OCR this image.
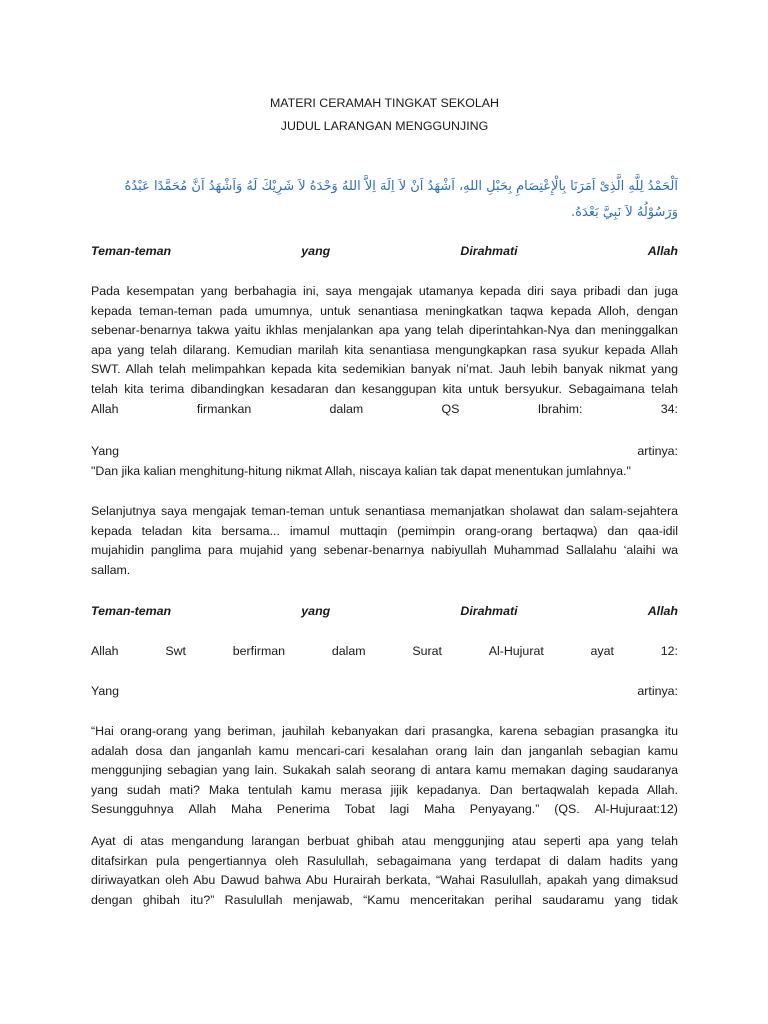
MATERI CERAMAH TINGKAT SEKOLAH
JUDUL LARANGAN MENGGUNJING

اَلْحَمْدُ لِلَّهِ الَّذِىْ اَمَرَنَا بِالْإِعْتِصَامِ بِحَبْلِ اللهِ، اَشْهَدُ اَنْ لاَ اِلَهَ اِلاَّ اللهُ وَحْدَهُ لاَ شَرِيْكَ لَهُ وَاَشْهَدُ اَنَّ مُحَمَّدًا عَبْدُهُ وَرَسُوْلُهُ لاَ نَبِيَّ بَعْدَهُ.

Teman-teman	yang	Dirahmati	Allah
Pada kesempatan yang berbahagia ini, saya mengajak utamanya kepada diri saya pribadi dan juga
kepada teman-teman pada umumnya, untuk senantiasa meningkatkan taqwa kepada Alloh, dengan
sebenar-benarnya takwa yaitu ikhlas menjalankan apa yang telah diperintahkan-Nya dan meninggalkan
apa yang telah dilarang. Kemudian marilah kita senantiasa mengungkapkan rasa syukur kepada Allah
SWT. Allah telah melimpahkan kepada kita sedemikian banyak ni’mat. Jauh lebih banyak nikmat yang
telah kita terima dibandingkan kesadaran dan kesanggupan kita untuk bersyukur. Sebagaimana telah
Allah	firmankan	dalam	QS	Ibrahim:	34:
Yang	artinya:

"Dan jika kalian menghitung-hitung nikmat Allah, niscaya kalian tak dapat menentukan jumlahnya."

Selanjutnya saya mengajak teman-teman untuk senantiasa memanjatkan sholawat dan salam-sejahtera
kepada teladan kita bersama... imamul muttaqin (pemimpin orang-orang bertaqwa) dan qaa-idil
mujahidin panglima para mujahid yang sebenar-benarnya nabiyullah Muhammad Sallalahu ‘alaihi wa
sallam.
Teman-teman	yang	Dirahmati	Allah
Allah	Swt	berfirman	dalam	Surat	Al-Hujurat	ayat	12:
Yang	artinya:
“Hai orang-orang yang beriman, jauhilah kebanyakan dari prasangka, karena sebagian prasangka itu
adalah dosa dan janganlah kamu mencari-cari kesalahan orang lain dan janganlah sebagian kamu
menggunjing sebagian yang lain. Sukakah salah seorang di antara kamu memakan daging saudaranya
yang sudah mati? Maka tentulah kamu merasa jijik kepadanya. Dan bertaqwalah kepada Allah.
Sesungguhnya Allah Maha Penerima Tobat lagi Maha Penyayang.” (QS. Al-Hujuraat:12)
Ayat di atas mengandung larangan berbuat ghibah atau menggunjing atau seperti apa yang telah
ditafsirkan pula pengertiannya oleh Rasulullah, sebagaimana yang terdapat di dalam hadits yang
diriwayatkan oleh Abu Dawud bahwa Abu Hurairah berkata, “Wahai Rasulullah, apakah yang dimaksud
dengan ghibah itu?” Rasulullah menjawab, “Kamu menceritakan perihal saudaramu yang tidak
